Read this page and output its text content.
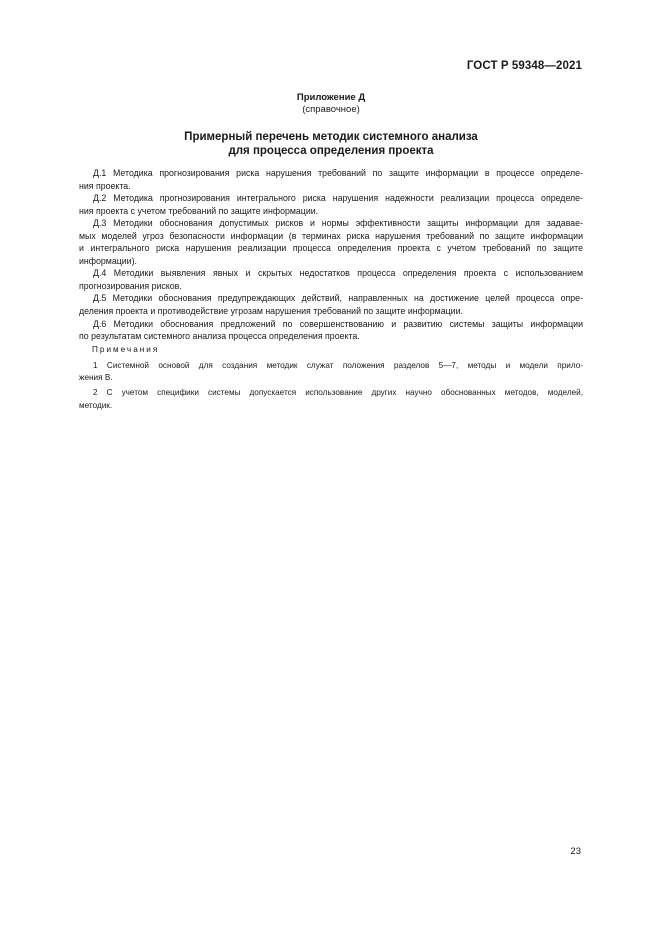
ГОСТ Р 59348—2021
Приложение Д
(справочное)
Примерный перечень методик системного анализа
для процесса определения проекта
Д.1 Методика прогнозирования риска нарушения требований по защите информации в процессе определе-
ния проекта.
Д.2 Методика прогнозирования интегрального риска нарушения надежности реализации процесса определе-
ния проекта с учетом требований по защите информации.
Д.3 Методики обоснования допустимых рисков и нормы эффективности защиты информации для задавае-
мых моделей угроз безопасности информации (в терминах риска нарушения требований по защите информации
и интегрального риска нарушения реализации процесса определения проекта с учетом требований по защите
информации).
Д.4 Методики выявления явных и скрытых недостатков процесса определения проекта с использованием
прогнозирования рисков.
Д.5 Методики обоснования предупреждающих действий, направленных на достижение целей процесса опре-
деления проекта и противодействие угрозам нарушения требований по защите информации.
Д.6 Методики обоснования предложений по совершенствованию и развитию системы защиты информации
по результатам системного анализа процесса определения проекта.
Примечания
1 Системной основой для создания методик служат положения разделов 5—7, методы и модели прило-
жения В.
2 С учетом специфики системы допускается использование других научно обоснованных методов, моделей,
методик.
23
